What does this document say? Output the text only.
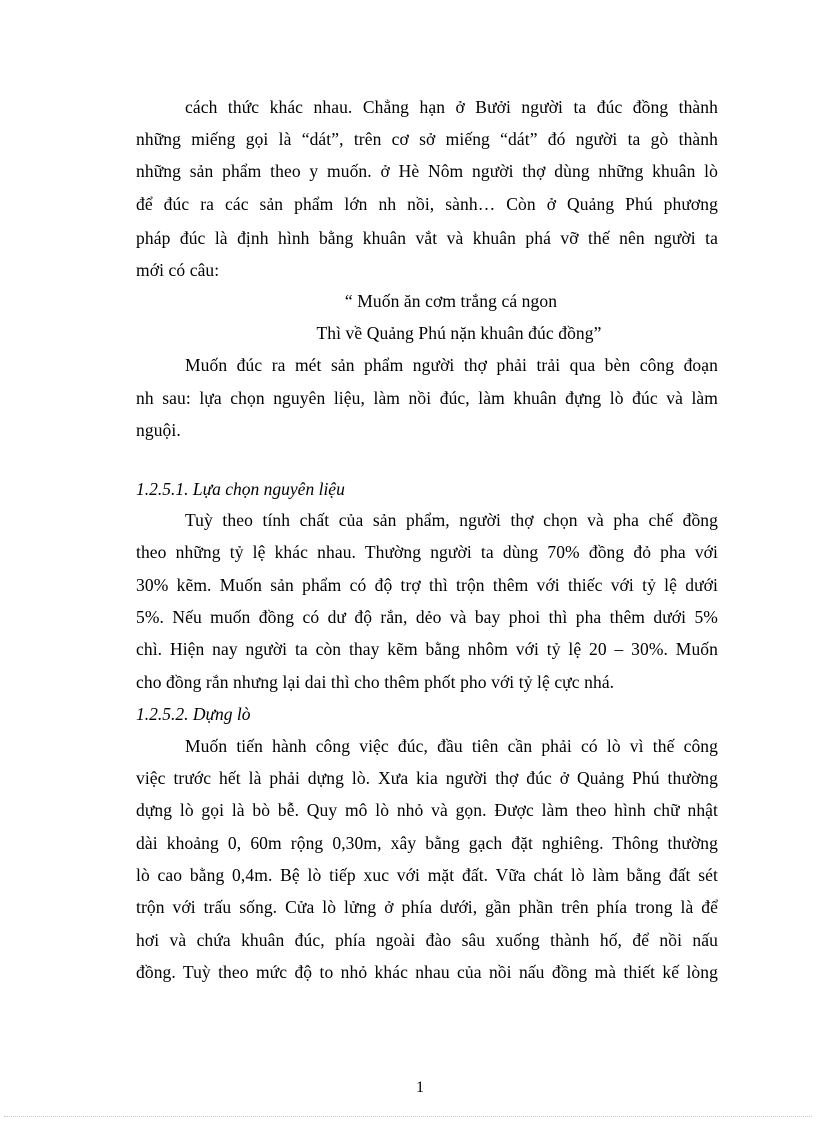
cách thức khác nhau. Chẳng hạn ở Bưởi người ta đúc đồng thành
những miếng gọi là “dát”, trên cơ sở miếng “dát” đó người ta gò thành
những sản phẩm theo y muốn. ở Hè Nôm người thợ dùng những khuân lò
để đúc ra các sản phẩm lớn nh nồi, sành… Còn ở Quảng Phú phương
pháp đúc là định hình bằng khuân vắt và khuân phá vỡ thế nên người ta
mới có câu:
“ Muốn ăn cơm trắng cá ngon
Thì về Quảng Phú nặn khuân đúc đồng”
Muốn đúc ra mét sản phẩm người thợ phải trải qua bèn công đoạn
nh sau: lựa chọn nguyên liệu, làm nồi đúc, làm khuân đựng lò đúc và làm
nguội.
1.2.5.1. Lựa chọn nguyên liệu
Tuỳ theo tính chất của sản phẩm, người thợ chọn và pha chế đồng
theo những tỷ lệ khác nhau. Thường người ta dùng 70% đồng đỏ pha với
30% kẽm. Muốn sản phẩm có độ trợ thì trộn thêm với thiếc với tỷ lệ dưới
5%. Nếu muốn đồng có dư độ rắn, dẻo và bay phoi thì pha thêm dưới 5%
chì. Hiện nay người ta còn thay kẽm bằng nhôm với tỷ lệ 20 – 30%. Muốn
cho đồng rắn nhưng lại dai thì cho thêm phốt pho với tỷ lệ cực nhá.
1.2.5.2. Dựng lò
Muốn tiến hành công việc đúc, đầu tiên cần phải có lò vì thế công
việc trước hết là phải dựng lò. Xưa kia người thợ đúc ở Quảng Phú thường
dựng lò gọi là bò bễ. Quy mô lò nhỏ và gọn. Được làm theo hình chữ nhật
dài khoảng 0, 60m rộng 0,30m, xây bằng gạch đặt nghiêng. Thông thường
lò cao bằng 0,4m. Bệ lò tiếp xuc với mặt đất. Vữa chát lò làm bằng đất sét
trộn với trấu sống. Cửa lò lửng ở phía dưới, gần phần trên phía trong là để
hơi và chứa khuân đúc, phía ngoài đào sâu xuống thành hố, để nồi nấu
đồng. Tuỳ theo mức độ to nhỏ khác nhau của nồi nấu đồng mà thiết kế lòng
1
